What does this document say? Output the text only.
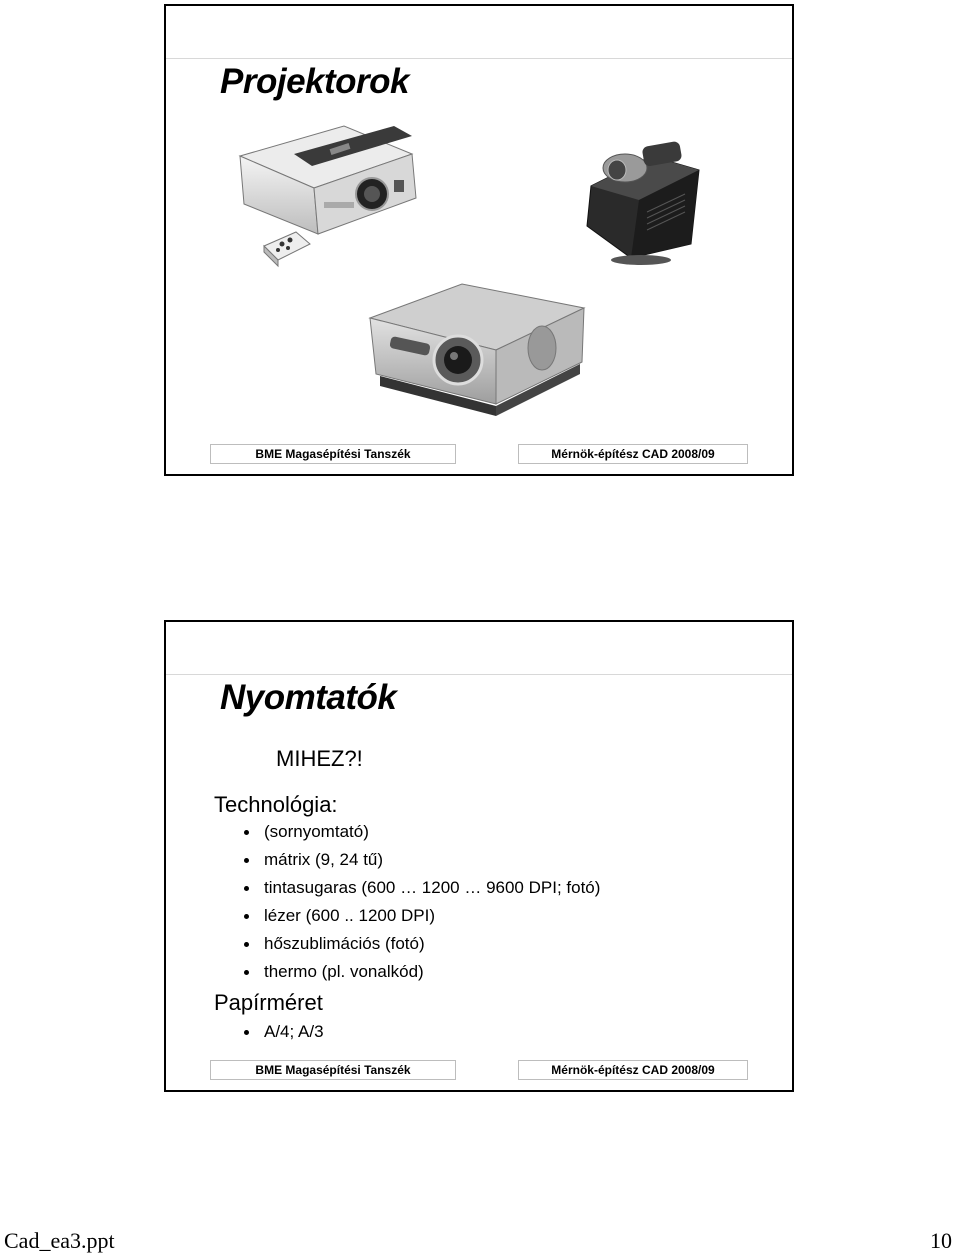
Projektorok
BME Magasépítési Tanszék	Mérnök-építész CAD 2008/09
Nyomtatók
MIHEZ?!
Technológia:
(sornyomtató)
mátrix (9, 24 tű)
tintasugaras (600 … 1200 … 9600 DPI; fotó)
lézer (600 .. 1200 DPI)
hőszublimációs (fotó)
thermo (pl. vonalkód)
Papírméret
A/4; A/3
BME Magasépítési Tanszék	Mérnök-építész CAD 2008/09
Cad_ea3.ppt	10
